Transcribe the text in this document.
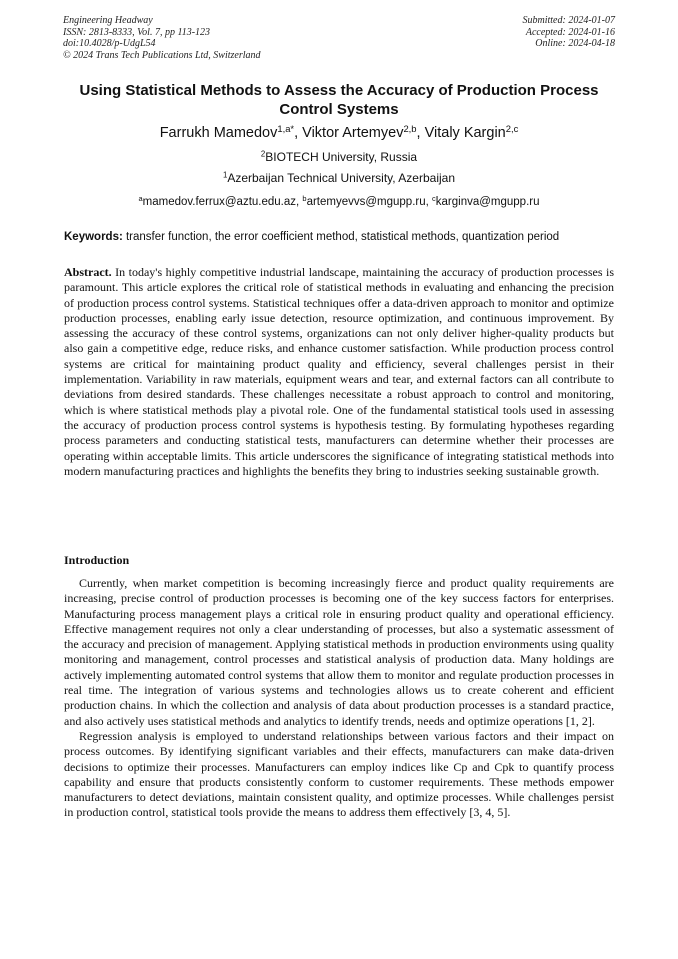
Engineering Headway
ISSN: 2813-8333, Vol. 7, pp 113-123
doi:10.4028/p-UdgL54
© 2024 Trans Tech Publications Ltd, Switzerland
Submitted: 2024-01-07
Accepted: 2024-01-16
Online: 2024-04-18
Using Statistical Methods to Assess the Accuracy of Production Process Control Systems
Farrukh Mamedov$^{1,a*}$, Viktor Artemyev$^{2,b}$, Vitaly Kargin$^{2,c}$
$^2$BIOTECH University, Russia
$^1$Azerbaijan Technical University, Azerbaijan
$^a$mamedov.ferrux@aztu.edu.az, $^b$artemyevvs@mgupp.ru, $^c$karginva@mgupp.ru
Keywords: transfer function, the error coefficient method, statistical methods, quantization period

Abstract. In today's highly competitive industrial landscape, maintaining the accuracy of production processes is paramount. This article explores the critical role of statistical methods in evaluating and enhancing the precision of production process control systems. Statistical techniques offer a data-driven approach to monitor and optimize production processes, enabling early issue detection, resource optimization, and continuous improvement. By assessing the accuracy of these control systems, organizations can not only deliver higher-quality products but also gain a competitive edge, reduce risks, and enhance customer satisfaction. While production process control systems are critical for maintaining product quality and efficiency, several challenges persist in their implementation. Variability in raw materials, equipment wears and tear, and external factors can all contribute to deviations from desired standards. These challenges necessitate a robust approach to control and monitoring, which is where statistical methods play a pivotal role. One of the fundamental statistical tools used in assessing the accuracy of production process control systems is hypothesis testing. By formulating hypotheses regarding process parameters and conducting statistical tests, manufacturers can determine whether their processes are operating within acceptable limits. This article underscores the significance of integrating statistical methods into modern manufacturing practices and highlights the benefits they bring to industries seeking sustainable growth.

Introduction

Currently, when market competition is becoming increasingly fierce and product quality requirements are increasing, precise control of production processes is becoming one of the key success factors for enterprises. Manufacturing process management plays a critical role in ensuring product quality and operational efficiency. Effective management requires not only a clear understanding of processes, but also a systematic assessment of the accuracy and precision of management. Applying statistical methods in production environments using quality monitoring and management, control processes and statistical analysis of production data. Many holdings are actively implementing automated control systems that allow them to monitor and regulate production processes in real time. The integration of various systems and technologies allows us to create coherent and efficient production chains. In which the collection and analysis of data about production processes is a standard practice, and also actively uses statistical methods and analytics to identify trends, needs and optimize operations [1, 2].

Regression analysis is employed to understand relationships between various factors and their impact on process outcomes. By identifying significant variables and their effects, manufacturers can make data-driven decisions to optimize their processes. Manufacturers can employ indices like Cp and Cpk to quantify process capability and ensure that products consistently conform to customer requirements. These methods empower manufacturers to detect deviations, maintain consistent quality, and optimize processes. While challenges persist in production control, statistical tools provide the means to address them effectively [3, 4, 5].
